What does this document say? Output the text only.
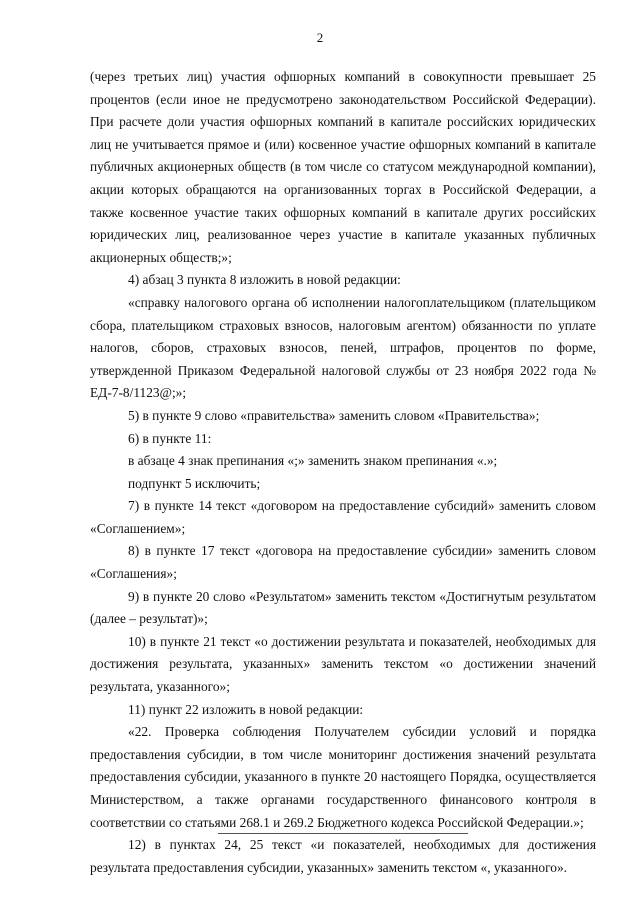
2

(через третьих лиц) участия офшорных компаний в совокупности превышает 25 процентов (если иное не предусмотрено законодательством Российской Федерации). При расчете доли участия офшорных компаний в капитале российских юридических лиц не учитывается прямое и (или) косвенное участие офшорных компаний в капитале публичных акционерных обществ (в том числе со статусом международной компании), акции которых обращаются на организованных торгах в Российской Федерации, а также косвенное участие таких офшорных компаний в капитале других российских юридических лиц, реализованное через участие в капитале указанных публичных акционерных обществ;»;

4) абзац 3 пункта 8 изложить в новой редакции:

«справку налогового органа об исполнении налогоплательщиком (плательщиком сбора, плательщиком страховых взносов, налоговым агентом) обязанности по уплате налогов, сборов, страховых взносов, пеней, штрафов, процентов по форме, утвержденной Приказом Федеральной налоговой службы от 23 ноября 2022 года № ЕД-7-8/1123@;»;

5) в пункте 9 слово «правительства» заменить словом «Правительства»;

6) в пункте 11:

в абзаце 4 знак препинания «;» заменить знаком препинания «.»;

подпункт 5 исключить;

7) в пункте 14 текст «договором на предоставление субсидий» заменить словом «Соглашением»;

8) в пункте 17 текст «договора на предоставление субсидии» заменить словом «Соглашения»;

9) в пункте 20 слово «Результатом» заменить текстом «Достигнутым результатом (далее – результат)»;

10) в пункте 21 текст «о достижении результата и показателей, необходимых для достижения результата, указанных» заменить текстом «о достижении значений результата, указанного»;

11) пункт 22 изложить в новой редакции:

«22. Проверка соблюдения Получателем субсидии условий и порядка предоставления субсидии, в том числе мониторинг достижения значений результата предоставления субсидии, указанного в пункте 20 настоящего Порядка, осуществляется Министерством, а также органами государственного финансового контроля в соответствии со статьями 268.1 и 269.2 Бюджетного кодекса Российской Федерации.»;

12) в пунктах 24, 25 текст «и показателей, необходимых для достижения результата предоставления субсидии, указанных» заменить текстом «, указанного».
